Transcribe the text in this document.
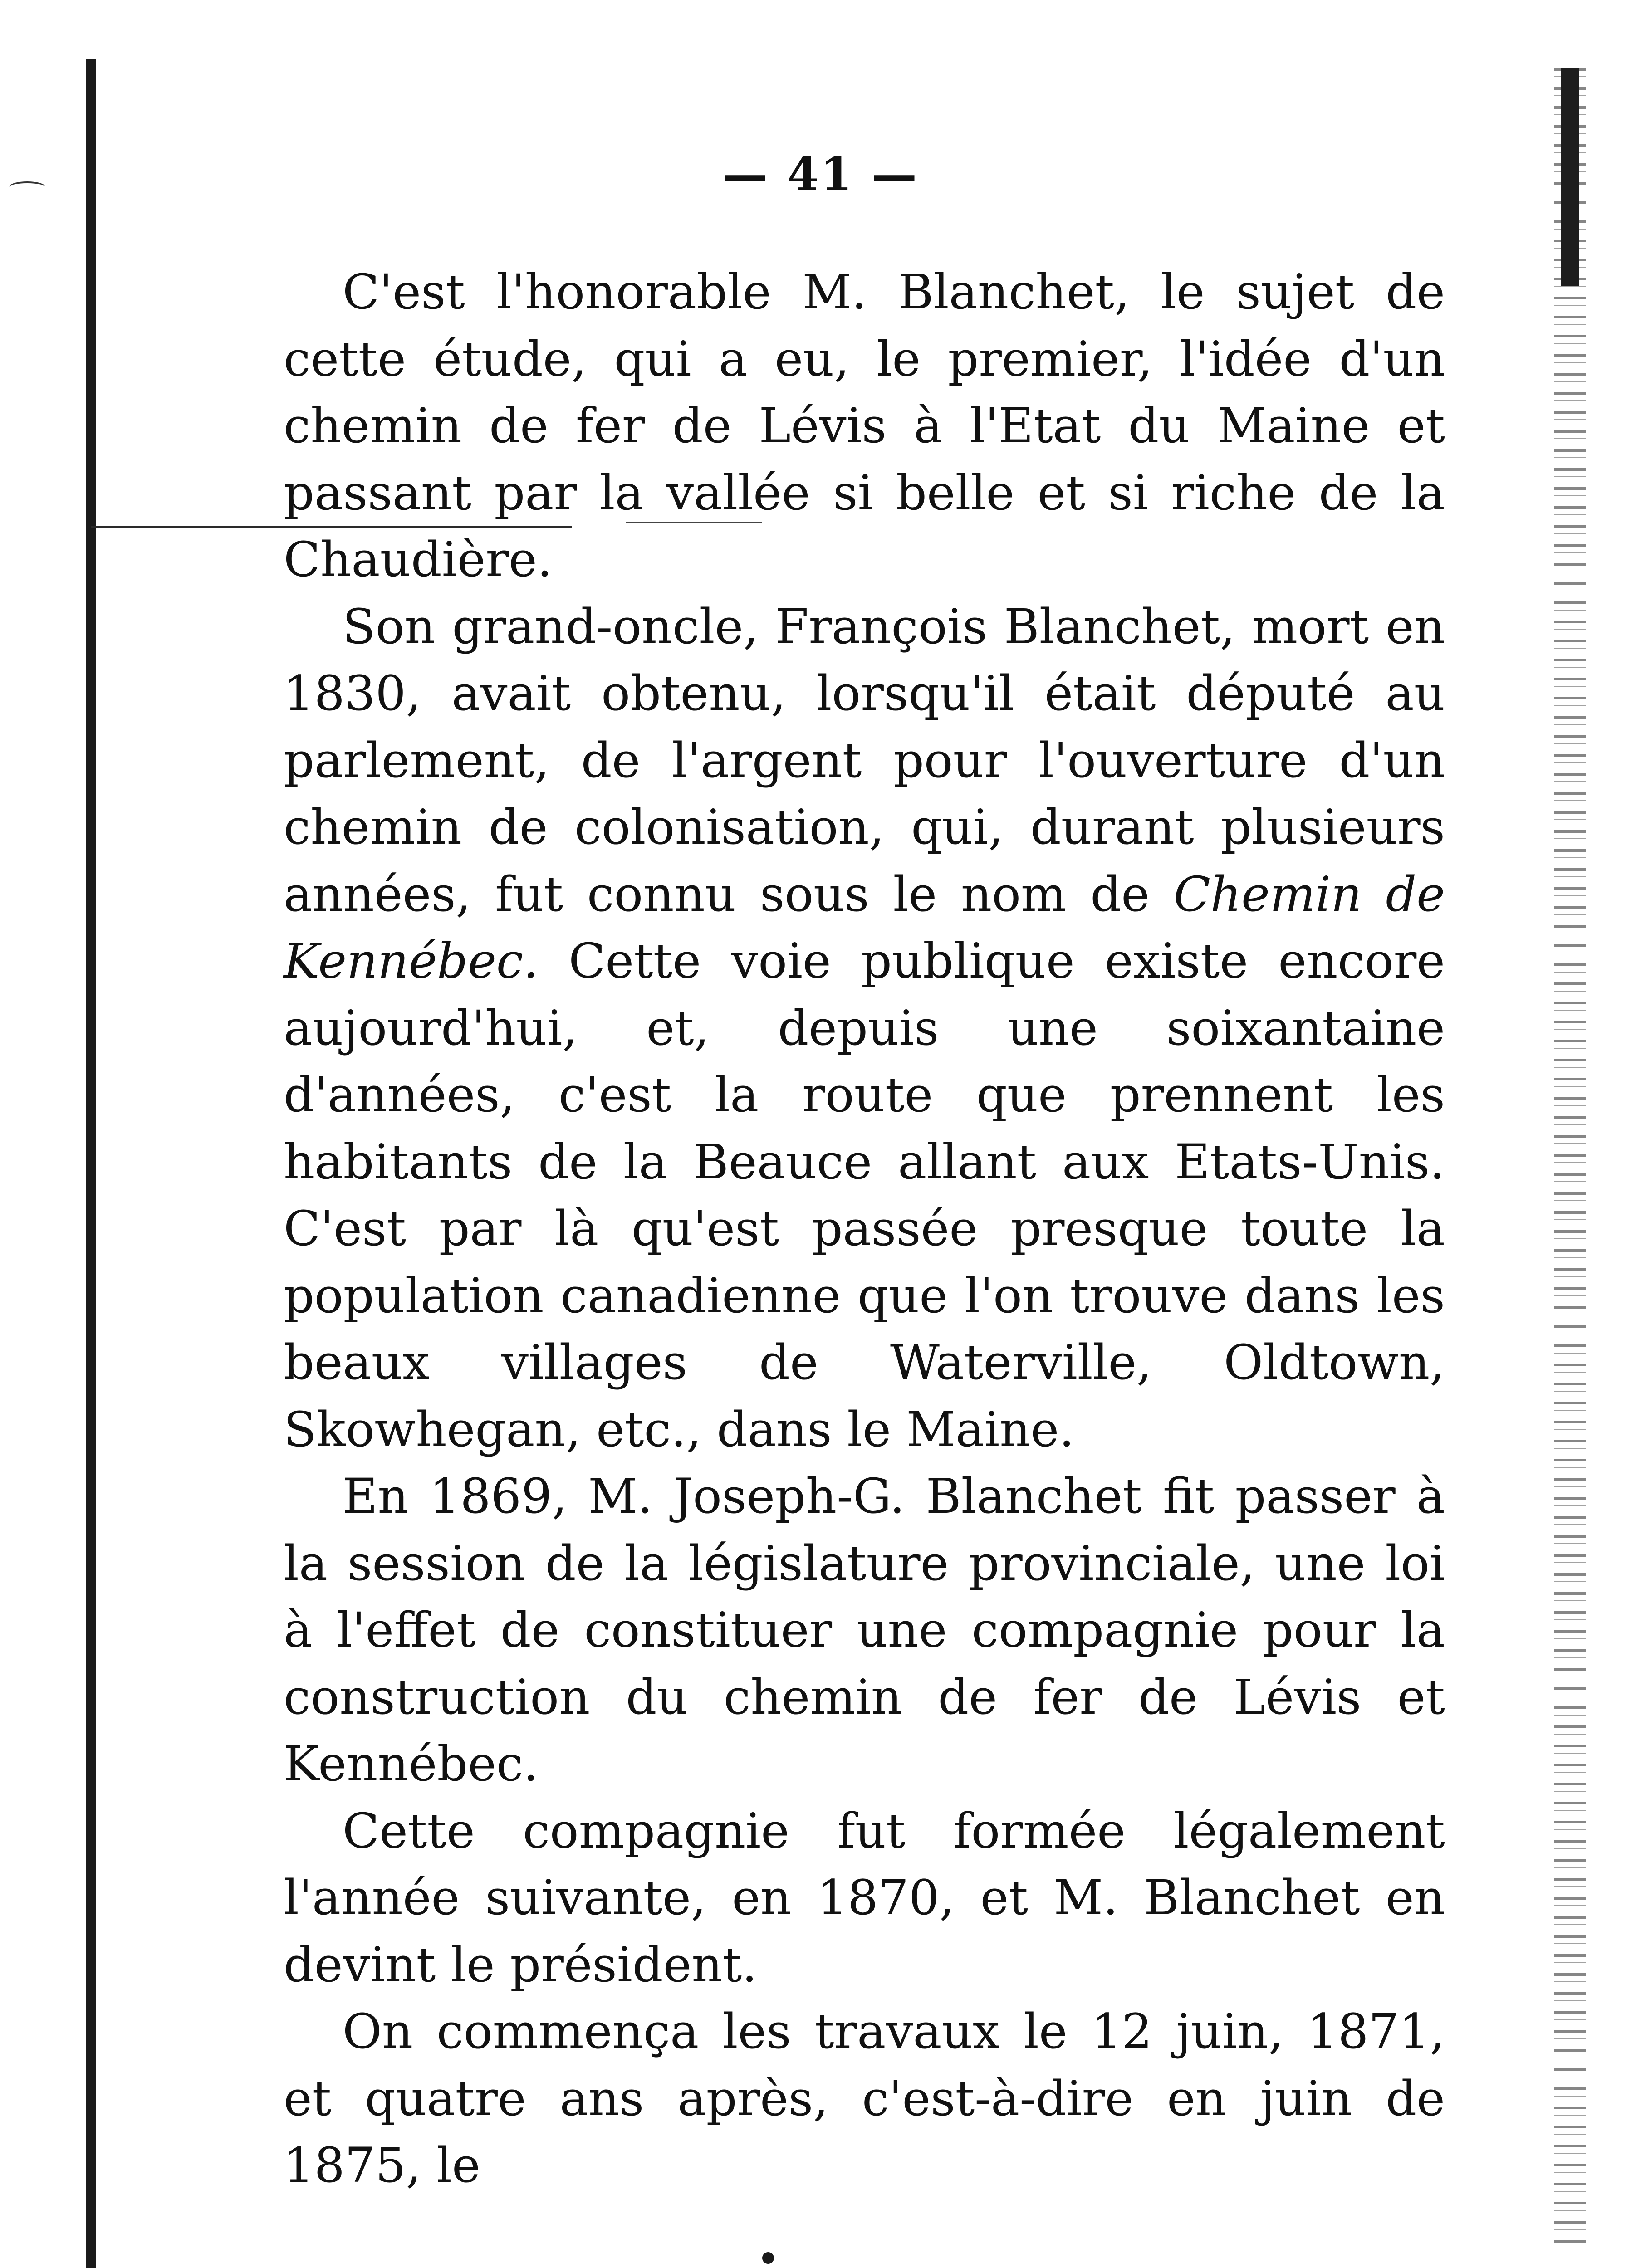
— 41 —

C'est l'honorable M. Blanchet, le sujet de cette étude, qui a eu, le premier, l'idée d'un chemin de fer de Lévis à l'Etat du Maine et passant par la vallée si belle et si riche de la Chaudière.

Son grand-oncle, François Blanchet, mort en 1830, avait obtenu, lorsqu'il était député au parlement, de l'argent pour l'ouverture d'un chemin de colonisation, qui, durant plusieurs années, fut connu sous le nom de Chemin de Kennébec. Cette voie publique existe encore aujourd'hui, et, depuis une soixantaine d'années, c'est la route que prennent les habitants de la Beauce allant aux Etats-Unis. C'est par là qu'est passée presque toute la population canadienne que l'on trouve dans les beaux villages de Waterville, Oldtown, Skowhegan, etc., dans le Maine.

En 1869, M. Joseph-G. Blanchet fit passer à la session de la législature provinciale, une loi à l'effet de constituer une compagnie pour la construction du chemin de fer de Lévis et Kennébec.

Cette compagnie fut formée légalement l'année suivante, en 1870, et M. Blanchet en devint le président.

On commença les travaux le 12 juin, 1871, et quatre ans après, c'est-à-dire en juin de 1875, le
